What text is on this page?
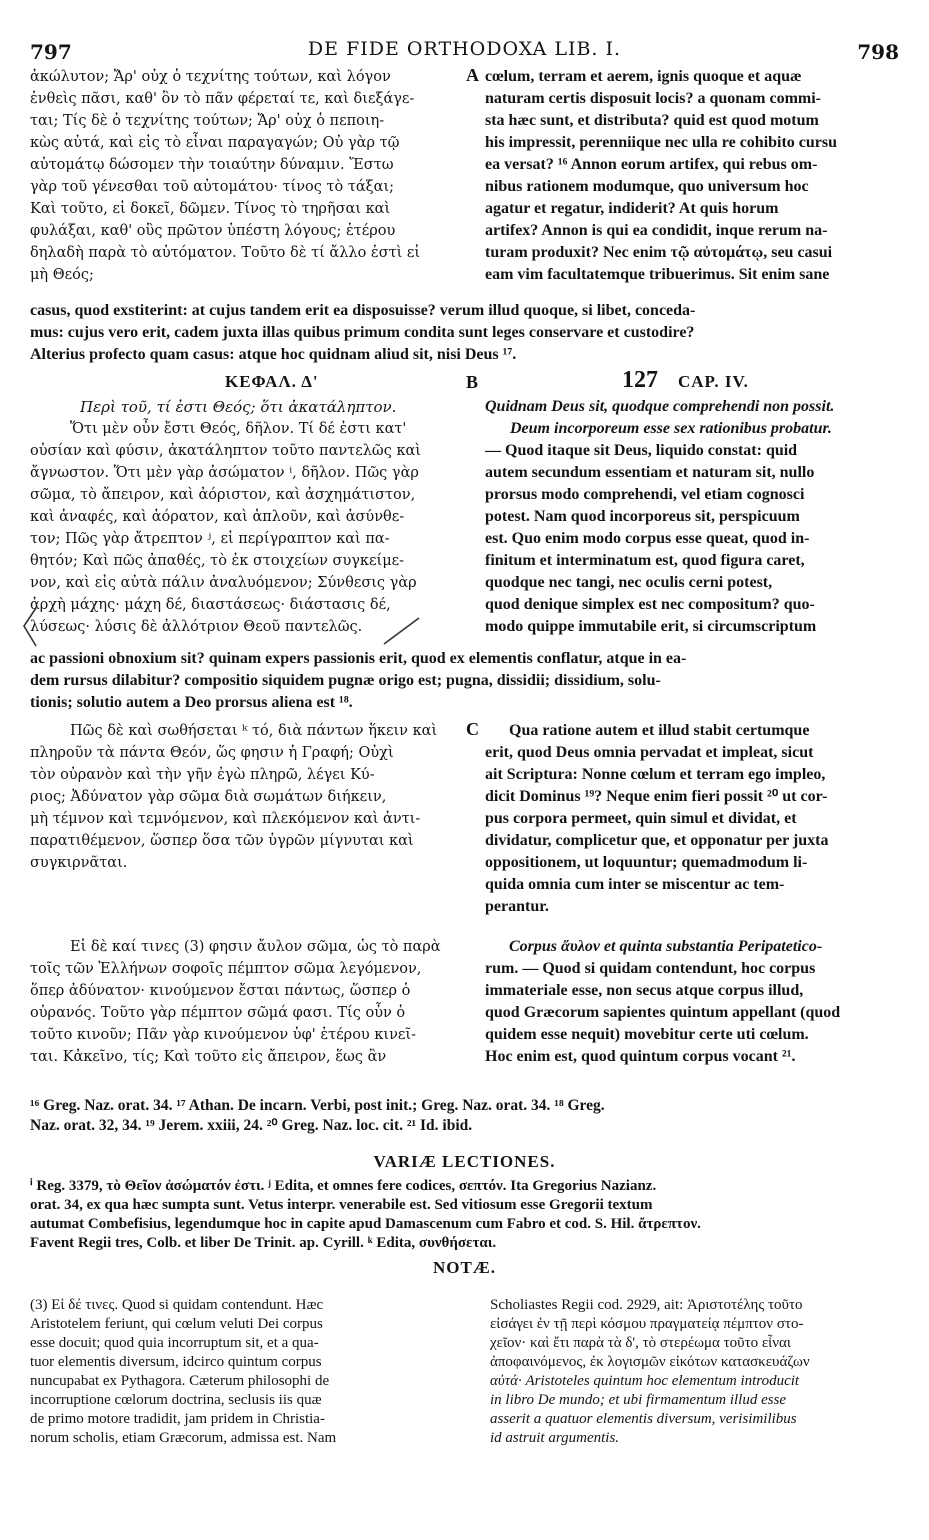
797	DE FIDE ORTHODOXA LIB. I.	798
ἀκώλυτον; Ἄρ' οὐχ ὁ τεχνίτης τούτων, καὶ λόγον
ἐνθεὶς πᾶσι, καθ' ὃν τὸ πᾶν φέρεταί τε, καὶ διεξάγε-
ται; Τίς δὲ ὁ τεχνίτης τούτων; Ἄρ' οὐχ ὁ πεποιη-
κὼς αὐτά, καὶ εἰς τὸ εἶναι παραγαγών; Οὐ γὰρ τῷ
αὐτομάτῳ δώσομεν τὴν τοιαύτην δύναμιν. Ἔστω
γὰρ τοῦ γένεσθαι τοῦ αὐτομάτου· τίνος τὸ τάξαι;
Καὶ τοῦτο, εἰ δοκεῖ, δῶμεν. Τίνος τὸ τηρῆσαι καὶ
φυλάξαι, καθ' οὓς πρῶτον ὑπέστη λόγους; ἑτέρου
δηλαδὴ παρὰ τὸ αὐτόματον. Τοῦτο δὲ τί ἄλλο ἐστὶ εἰ
μὴ Θεός;
A cœlum, terram et aerem, ignis quoque et aquæ
naturam certis disposuit locis? a quonam commi-
sta hæc sunt, et distributa? quid est quod motum
his impressit, perenniique nec ulla re cohibito cursu
ea versat? ¹⁶ Annon eorum artifex, qui rebus om-
nibus rationem modumque, quo universum hoc
agatur et regatur, indiderit? At quis horum
artifex? Annon is qui ea condidit, inque rerum na-
turam produxit? Nec enim τῷ αὐτομάτῳ, seu casui
eam vim facultatemque tribuerimus. Sit enim sane
casus, quod exstiterint: at cujus tandem erit ea disposuisse? verum illud quoque, si libet, conceda-
mus: cujus vero erit, cadem juxta illas quibus primum condita sunt leges conservare et custodire?
Alterius profecto quam casus: atque hoc quidnam aliud sit, nisi Deus ¹⁷.
ΚΕΦΑΛ. Δ'	B	127 CAP. IV.
Περὶ τοῦ, τί ἐστι Θεός; ὅτι ἀκατάληπτον.	Quidnam Deus sit, quodque comprehendi non possit.
Deum incorporeum esse sex rationibus probatur.
Ὅτι μὲν οὖν ἔστι Θεός, δῆλον. Τί δέ ἐστι κατ'
οὐσίαν καὶ φύσιν, ἀκατάληπτον τοῦτο παντελῶς καὶ
ἄγνωστον. Ὅτι μὲν γὰρ ἀσώματον ⁱ, δῆλον. Πῶς γὰρ
σῶμα, τὸ ἄπειρον, καὶ ἀόριστον, καὶ ἀσχημάτιστον,
καὶ ἀναφές, καὶ ἀόρατον, καὶ ἁπλοῦν, καὶ ἀσύνθε-
τον; Πῶς γὰρ ἄτρεπτον ʲ, εἰ περίγραπτον καὶ πα-
θητόν; Καὶ πῶς ἀπαθές, τὸ ἐκ στοιχείων συγκείμε-
νον, καὶ εἰς αὐτὰ πάλιν ἀναλυόμενον; Σύνθεσις γὰρ
ἀρχὴ μάχης· μάχη δέ, διαστάσεως· διάστασις δέ,
λύσεως· λύσις δὲ ἀλλότριον Θεοῦ παντελῶς.
— Quod itaque sit Deus, liquido constat: quid
autem secundum essentiam et naturam sit, nullo
prorsus modo comprehendi, vel etiam cognosci
potest. Nam quod incorporeus sit, perspicuum
est. Quo enim modo corpus esse queat, quod in-
finitum et interminatum est, quod figura caret,
quodque nec tangi, nec oculis cerni potest,
quod denique simplex est nec compositum? quo-
modo quippe immutabile erit, si circumscriptum
ac passioni obnoxium sit? quinam expers passionis erit, quod ex elementis conflatur, atque in ea-
dem rursus dilabitur? compositio siquidem pugnæ origo est; pugna, dissidii; dissidium, solu-
tionis; solutio autem a Deo prorsus aliena est ¹⁸.
C
Πῶς δὲ καὶ σωθήσεται ᵏ τό, διὰ πάντων ἥκειν καὶ
πληροῦν τὰ πάντα Θεόν, ὥς φησιν ἡ Γραφή; Οὐχὶ
τὸν οὐρανὸν καὶ τὴν γῆν ἐγὼ πληρῶ, λέγει Κύ-
ριος; Ἀδύνατον γὰρ σῶμα διὰ σωμάτων διήκειν,
μὴ τέμνον καὶ τεμνόμενον, καὶ πλεκόμενον καὶ ἀντι-
παρατιθέμενον, ὥσπερ ὅσα τῶν ὑγρῶν μίγνυται καὶ
συγκιρνᾶται.
Qua ratione autem et illud stabit certumque
erit, quod Deus omnia pervadat et impleat, sicut
ait Scriptura: Nonne cœlum et terram ego impleo,
dicit Dominus ¹⁹? Neque enim fieri possit ²⁰ ut cor-
pus corpora permeet, quin simul et dividat, et
dividatur, complicetur que, et opponatur per juxta
oppositionem, ut loquuntur; quemadmodum li-
quida omnia cum inter se miscentur ac tem-
perantur.
Εἰ δὲ καί τινες (3) φησιν ἄυλον σῶμα, ὡς τὸ παρὰ
τοῖς τῶν Ἑλλήνων σοφοῖς πέμπτον σῶμα λεγόμενον,
ὅπερ ἀδύνατον· κινούμενον ἔσται πάντως, ὥσπερ ὁ
οὐρανός. Τοῦτο γὰρ πέμπτον σῶμά φασι. Τίς οὖν ὁ
τοῦτο κινοῦν; Πᾶν γὰρ κινούμενον ὑφ' ἑτέρου κινεῖ-
ται. Κἀκεῖνο, τίς; Καὶ τοῦτο εἰς ἄπειρον, ἕως ἂν
Corpus ἄυλον et quinta substantia Peripatetico-
rum. — Quod si quidam contendunt, hoc corpus
immateriale esse, non secus atque corpus illud,
quod Græcorum sapientes quintum appellant (quod
quidem esse nequit) movebitur certe uti cœlum.
Hoc enim est, quod quintum corpus vocant ²¹.
¹⁶ Greg. Naz. orat. 34. ¹⁷ Athan. De incarn. Verbi, post init.; Greg. Naz. orat. 34. ¹⁸ Greg.
Naz. orat. 32, 34. ¹⁹ Jerem. xxiii, 24. ²⁰ Greg. Naz. loc. cit. ²¹ Id. ibid.
VARIÆ LECTIONES.
ⁱ Reg. 3379, τὸ Θεῖον ἀσώματόν ἐστι. ʲ Edita, et omnes fere codices, σεπτόν. Ita Gregorius Nazianz.
orat. 34, ex qua hæc sumpta sunt. Vetus interpr. venerabile est. Sed vitiosum esse Gregorii textum
autumat Combefisius, legendumque hoc in capite apud Damascenum cum Fabro et cod. S. Hil. ἄτρεπτον.
Favent Regii tres, Colb. et liber De Trinit. ap. Cyrill. ᵏ Edita, συνθήσεται.
NOTÆ.
(3) Εἰ δέ τινες. Quod si quidam contendunt. Hæc
Aristotelem feriunt, qui cœlum veluti Dei corpus
esse docuit; quod quia incorruptum sit, et a qua-
tuor elementis diversum, idcirco quintum corpus
nuncupabat ex Pythagora. Cæterum philosophi de
incorruptione cœlorum doctrina, seclusis iis quæ
de primo motore tradidit, jam pridem in Christia-
norum scholis, etiam Græcorum, admissa est. Nam
Scholiastes Regii cod. 2929, ait: Ἀριστοτέλης τοῦτο
εἰσάγει ἐν τῇ περὶ κόσμου πραγματείᾳ πέμπτον στο-
χεῖον· καὶ ἔτι παρὰ τὰ δ', τὸ στερέωμα τοῦτο εἶναι
ἀποφαινόμενος, ἐκ λογισμῶν εἰκότων κατασκευάζων
αὐτά· Aristoteles quintum hoc elementum introducit
in libro De mundo; et ubi firmamentum illud esse
asserit a quatuor elementis diversum, verisimilibus
id astruit argumentis.
